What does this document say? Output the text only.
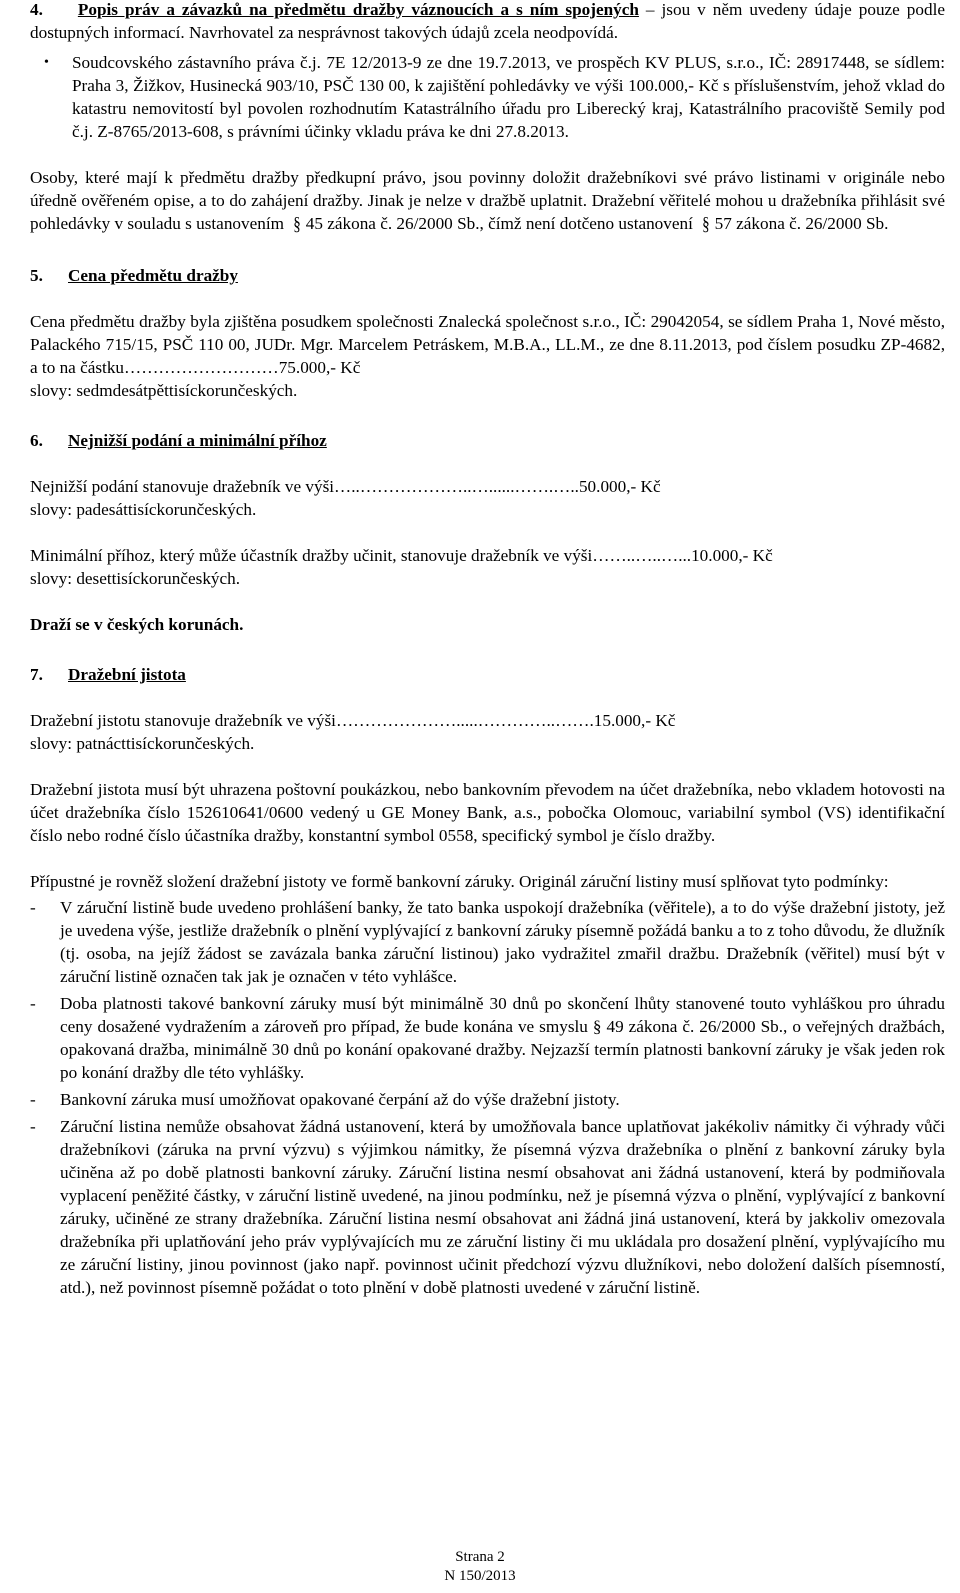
4. Popis práv a závazků na předmětu dražby váznoucích a s ním spojených – jsou v něm uvedeny údaje pouze podle dostupných informací. Navrhovatel za nesprávnost takových údajů zcela neodpovídá.

•	Soudcovského zástavního práva č.j. 7E 12/2013-9 ze dne 19.7.2013, ve prospěch KV PLUS, s.r.o., IČ: 28917448, se sídlem: Praha 3, Žižkov, Husinecká 903/10, PSČ 130 00, k zajištění pohledávky ve výši 100.000,- Kč s příslušenstvím, jehož vklad do katastru nemovitostí byl povolen rozhodnutím Katastrálního úřadu pro Liberecký kraj, Katastrálního pracoviště Semily pod č.j. Z-8765/2013-608, s právními účinky vkladu práva ke dni 27.8.2013.

Osoby, které mají k předmětu dražby předkupní právo, jsou povinny doložit dražebníkovi své právo listinami v originále nebo úředně ověřeném opise, a to do zahájení dražby. Jinak je nelze v dražbě uplatnit. Dražební věřitelé mohou u dražebníka přihlásit své pohledávky v souladu s ustanovením § 45 zákona č. 26/2000 Sb., čímž není dotčeno ustanovení § 57 zákona č. 26/2000 Sb.

5.	Cena předmětu dražby

Cena předmětu dražby byla zjištěna posudkem společnosti Znalecká společnost s.r.o., IČ: 29042054, se sídlem Praha 1, Nové město, Palackého 715/15, PSČ 110 00, JUDr. Mgr. Marcelem Petráskem, M.B.A., LL.M., ze dne 8.11.2013, pod číslem posudku ZP-4682, a to na částku………………………75.000,- Kč

slovy: sedmdesátpěttisíckorunčeských.

6.	Nejnižší podání a minimální příhoz

Nejnižší podání stanovuje dražebník ve výši…..………………..…......…….…..50.000,- Kč

slovy: padesáttisíckorunčeských.

Minimální příhoz, který může účastník dražby učinit, stanovuje dražebník ve výši……..…..…...10.000,- Kč

slovy: desettisíckorunčeských.

Draží se v českých korunách.

7.	Dražební jistota

Dražební jistotu stanovuje dražebník ve výši………………….....…………..…….15.000,- Kč

slovy: patnácttisíckorunčeských.

Dražební jistota musí být uhrazena poštovní poukázkou, nebo bankovním převodem na účet dražebníka, nebo vkladem hotovosti na účet dražebníka číslo 152610641/0600 vedený u GE Money Bank, a.s., pobočka Olomouc, variabilní symbol (VS) identifikační číslo nebo rodné číslo účastníka dražby, konstantní symbol 0558, specifický symbol je číslo dražby.

Přípustné je rovněž složení dražební jistoty ve formě bankovní záruky. Originál záruční listiny musí splňovat tyto podmínky:

-	V záruční listině bude uvedeno prohlášení banky, že tato banka uspokojí dražebníka (věřitele), a to do výše dražební jistoty, jež je uvedena výše, jestliže dražebník o plnění vyplývající z bankovní záruky písemně požádá banku a to z toho důvodu, že dlužník (tj. osoba, na jejíž žádost se zavázala banka záruční listinou) jako vydražitel zmařil dražbu. Dražebník (věřitel) musí být v záruční listině označen tak jak je označen v této vyhlášce.

-	Doba platnosti takové bankovní záruky musí být minimálně 30 dnů po skončení lhůty stanovené touto vyhláškou pro úhradu ceny dosažené vydražením a zároveň pro případ, že bude konána ve smyslu § 49 zákona č. 26/2000 Sb., o veřejných dražbách, opakovaná dražba, minimálně 30 dnů po konání opakované dražby. Nejzazší termín platnosti bankovní záruky je však jeden rok po konání dražby dle této vyhlášky.

-	Bankovní záruka musí umožňovat opakované čerpání až do výše dražební jistoty.

-	Záruční listina nemůže obsahovat žádná ustanovení, která by umožňovala bance uplatňovat jakékoliv námitky či výhrady vůči dražebníkovi (záruka na první výzvu) s výjimkou námitky, že písemná výzva dražebníka o plnění z bankovní záruky byla učiněna až po době platnosti bankovní záruky. Záruční listina nesmí obsahovat ani žádná ustanovení, která by podmiňovala vyplacení peněžité částky, v záruční listině uvedené, na jinou podmínku, než je písemná výzva o plnění, vyplývající z bankovní záruky, učiněné ze strany dražebníka. Záruční listina nesmí obsahovat ani žádná jiná ustanovení, která by jakkoliv omezovala dražebníka při uplatňování jeho práv vyplývajících mu ze záruční listiny či mu ukládala pro dosažení plnění, vyplývajícího mu ze záruční listiny, jinou povinnost (jako např. povinnost učinit předchozí výzvu dlužníkovi, nebo doložení dalších písemností, atd.), než povinnost písemně požádat o toto plnění v době platnosti uvedené v záruční listině.

Strana 2
N 150/2013
